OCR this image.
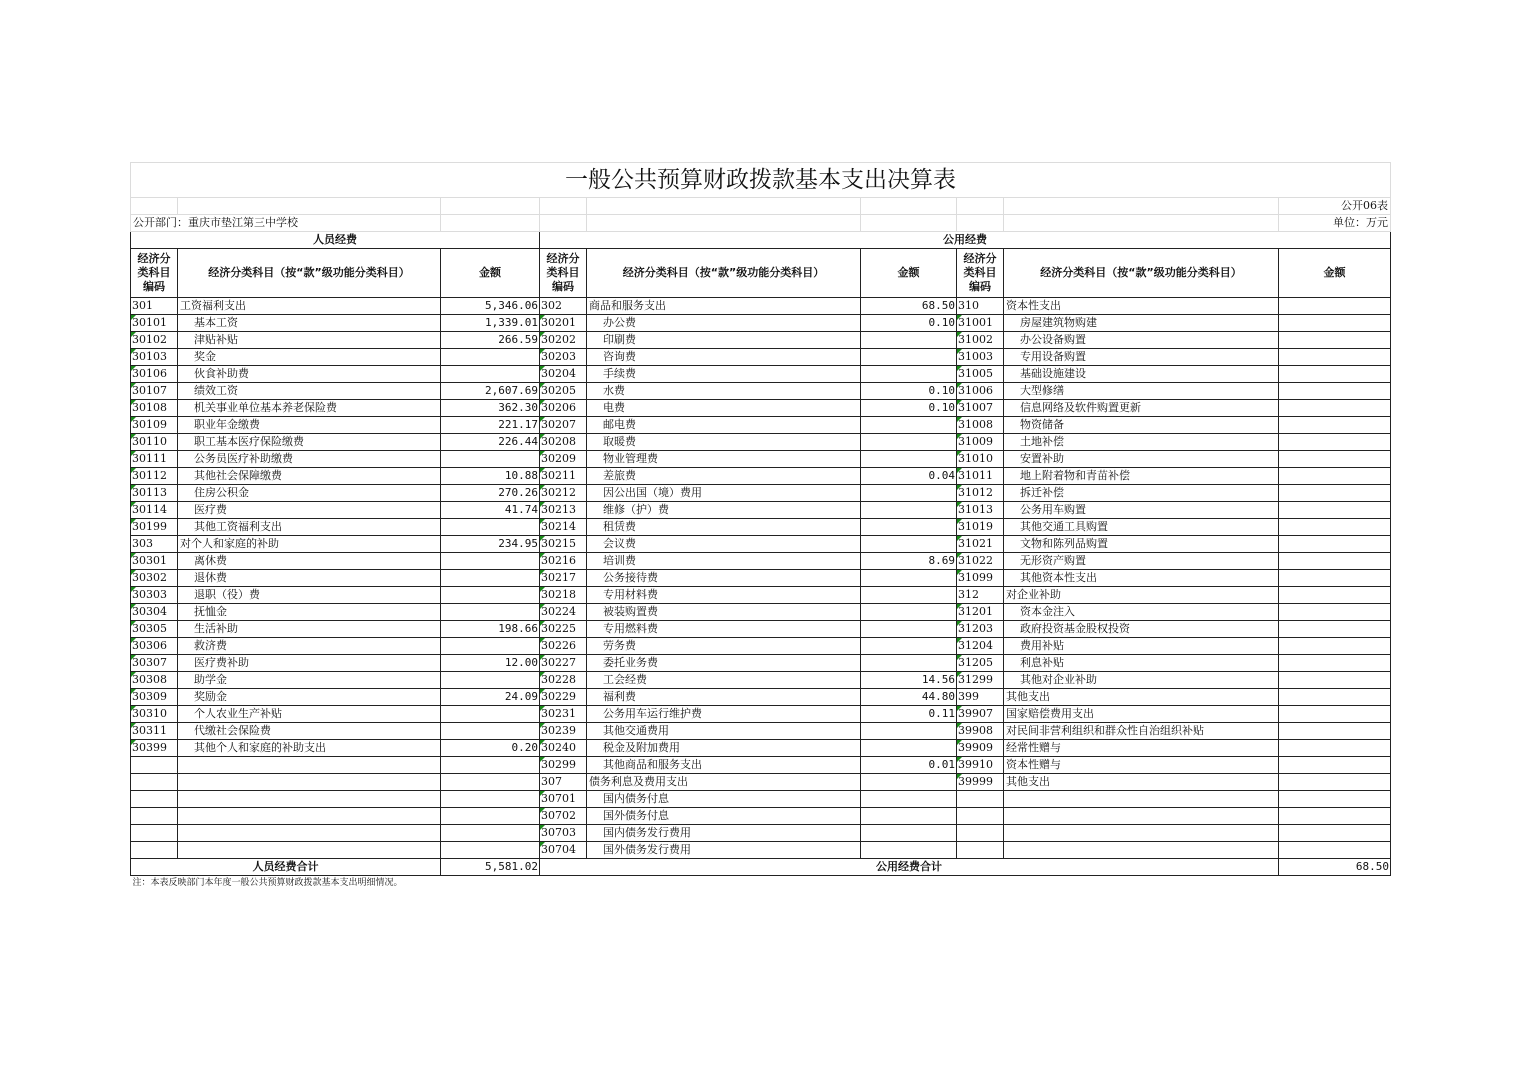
一般公共预算财政拨款基本支出决算表								
								公开06表
公开部门：重庆市垫江第三中学校								单位：万元
人员经费			公用经费					
经济分类科目编码	经济分类科目（按“款”级功能分类科目）	金额	经济分类科目编码	经济分类科目（按“款”级功能分类科目）	金额	经济分类科目编码	经济分类科目（按“款”级功能分类科目）	金额
301	工资福利支出	5,346.06	302	商品和服务支出	68.50	310	资本性支出	
30101	基本工资	1,339.01	30201	办公费	0.10	31001	房屋建筑物购建	
30102	津贴补贴	266.59	30202	印刷费		31002	办公设备购置	
30103	奖金		30203	咨询费		31003	专用设备购置	
30106	伙食补助费		30204	手续费		31005	基础设施建设	
30107	绩效工资	2,607.69	30205	水费	0.10	31006	大型修缮	
30108	机关事业单位基本养老保险费	362.30	30206	电费	0.10	31007	信息网络及软件购置更新	
30109	职业年金缴费	221.17	30207	邮电费		31008	物资储备	
30110	职工基本医疗保险缴费	226.44	30208	取暖费		31009	土地补偿	
30111	公务员医疗补助缴费		30209	物业管理费		31010	安置补助	
30112	其他社会保障缴费	10.88	30211	差旅费	0.04	31011	地上附着物和青苗补偿	
30113	住房公积金	270.26	30212	因公出国（境）费用		31012	拆迁补偿	
30114	医疗费	41.74	30213	维修（护）费		31013	公务用车购置	
30199	其他工资福利支出		30214	租赁费		31019	其他交通工具购置	
303	对个人和家庭的补助	234.95	30215	会议费		31021	文物和陈列品购置	
30301	离休费		30216	培训费	8.69	31022	无形资产购置	
30302	退休费		30217	公务接待费		31099	其他资本性支出	
30303	退职（役）费		30218	专用材料费		312	对企业补助	
30304	抚恤金		30224	被装购置费		31201	资本金注入	
30305	生活补助	198.66	30225	专用燃料费		31203	政府投资基金股权投资	
30306	救济费		30226	劳务费		31204	费用补贴	
30307	医疗费补助	12.00	30227	委托业务费		31205	利息补贴	
30308	助学金		30228	工会经费	14.56	31299	其他对企业补助	
30309	奖励金	24.09	30229	福利费	44.80	399	其他支出	
30310	个人农业生产补贴		30231	公务用车运行维护费	0.11	39907	国家赔偿费用支出	
30311	代缴社会保险费		30239	其他交通费用		39908	对民间非营利组织和群众性自治组织补贴	
30399	其他个人和家庭的补助支出	0.20	30240	税金及附加费用		39909	经常性赠与	
			30299	其他商品和服务支出	0.01	39910	资本性赠与	
			307	债务利息及费用支出		39999	其他支出	
			30701	国内债务付息				
			30702	国外债务付息				
			30703	国内债务发行费用				
			30704	国外债务发行费用				
人员经费合计		5,581.02	公用经费合计					68.50
注：本表反映部门本年度一般公共预算财政拨款基本支出明细情况。								
